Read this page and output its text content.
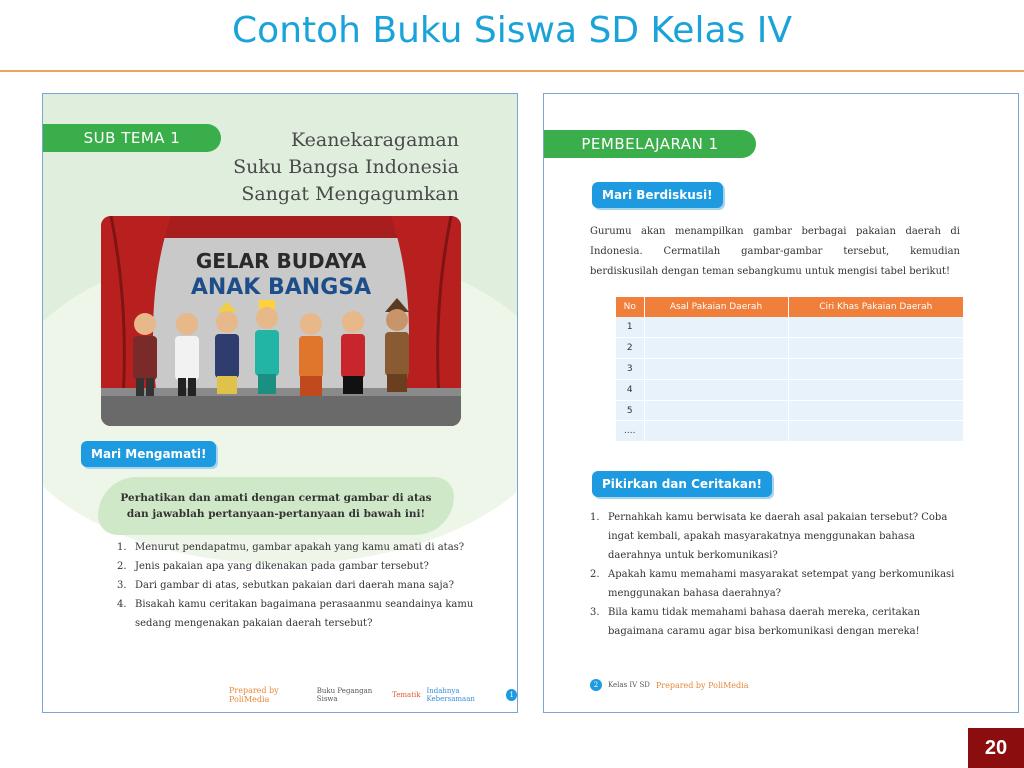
Contoh Buku Siswa SD Kelas IV
SUB TEMA 1	Keanekaragaman
Suku Bangsa Indonesia
Sangat Mengagumkan
GELAR BUDAYA
ANAK BANGSA
Mari Mengamati!
Perhatikan dan amati dengan cermat gambar di atas dan jawablah pertanyaan-pertanyaan di bawah ini!
1. Menurut pendapatmu, gambar apakah yang kamu amati di atas?
2. Jenis pakaian apa yang dikenakan pada gambar tersebut?
3. Dari gambar di atas, sebutkan pakaian dari daerah mana saja?
4. Bisakah kamu ceritakan bagaimana perasaanmu seandainya kamu sedang mengenakan pakaian daerah tersebut?
Prepared by PoliMedia
Buku Pegangan Siswa	Tematik Indahnya Kebersamaan	1
PEMBELAJARAN 1
Mari Berdiskusi!

Gurumu akan menampilkan gambar berbagai pakaian daerah di Indonesia. Cermatilah gambar-gambar tersebut, kemudian berdiskusilah dengan teman sebangkumu untuk mengisi tabel berikut!

No	Asal Pakaian Daerah	Ciri Khas Pakaian Daerah
1		
2		
3		
4		
5		
....		
Pikirkan dan Ceritakan!
1. Pernahkah kamu berwisata ke daerah asal pakaian tersebut? Coba ingat kembali, apakah masyarakatnya menggunakan bahasa daerahnya untuk berkomunikasi?
2. Apakah kamu memahami masyarakat setempat yang berkomunikasi menggunakan bahasa daerahnya?
3. Bila kamu tidak memahami bahasa daerah mereka, ceritakan bagaimana caramu agar bisa berkomunikasi dengan mereka!
2	Kelas IV SD Prepared by PoliMedia
20
